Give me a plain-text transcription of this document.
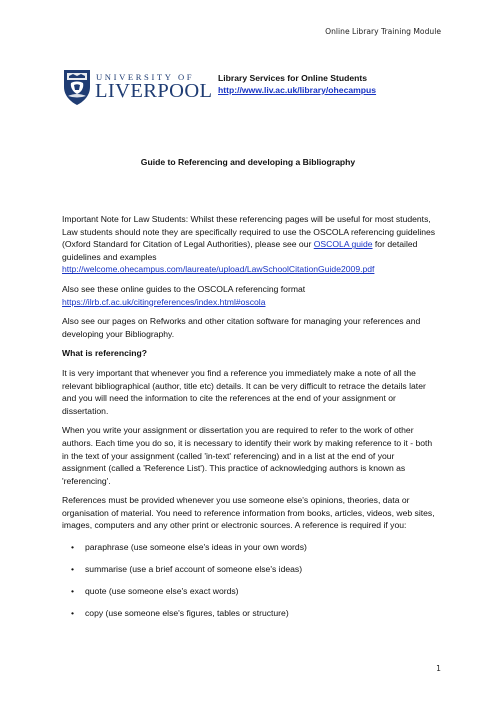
Online Library Training Module
UNIVERSITY OF
LIVERPOOL
Library Services for Online Students
http://www.liv.ac.uk/library/ohecampus
Guide to Referencing and developing a Bibliography

Important Note for Law Students: Whilst these referencing pages will be useful for most students, Law students should note they are specifically required to use the OSCOLA referencing guidelines (Oxford Standard for Citation of Legal Authorities), please see our OSCOLA guide for detailed guidelines and examples

http://welcome.ohecampus.com/laureate/upload/LawSchoolCitationGuide2009.pdf

Also see these online guides to the OSCOLA referencing format

https://ilrb.cf.ac.uk/citingreferences/index.html#oscola

Also see our pages on Refworks and other citation software for managing your references and developing your Bibliography.

What is referencing?

It is very important that whenever you find a reference you immediately make a note of all the relevant bibliographical (author, title etc) details. It can be very difficult to retrace the details later and you will need the information to cite the references at the end of your assignment or dissertation.

When you write your assignment or dissertation you are required to refer to the work of other authors. Each time you do so, it is necessary to identify their work by making reference to it - both in the text of your assignment (called 'in-text' referencing) and in a list at the end of your assignment (called a 'Reference List'). This practice of acknowledging authors is known as 'referencing'.

References must be provided whenever you use someone else's opinions, theories, data or organisation of material. You need to reference information from books, articles, videos, web sites, images, computers and any other print or electronic sources. A reference is required if you:

• paraphrase (use someone else's ideas in your own words)
• summarise (use a brief account of someone else's ideas)
• quote (use someone else's exact words)
• copy (use someone else's figures, tables or structure)
1
